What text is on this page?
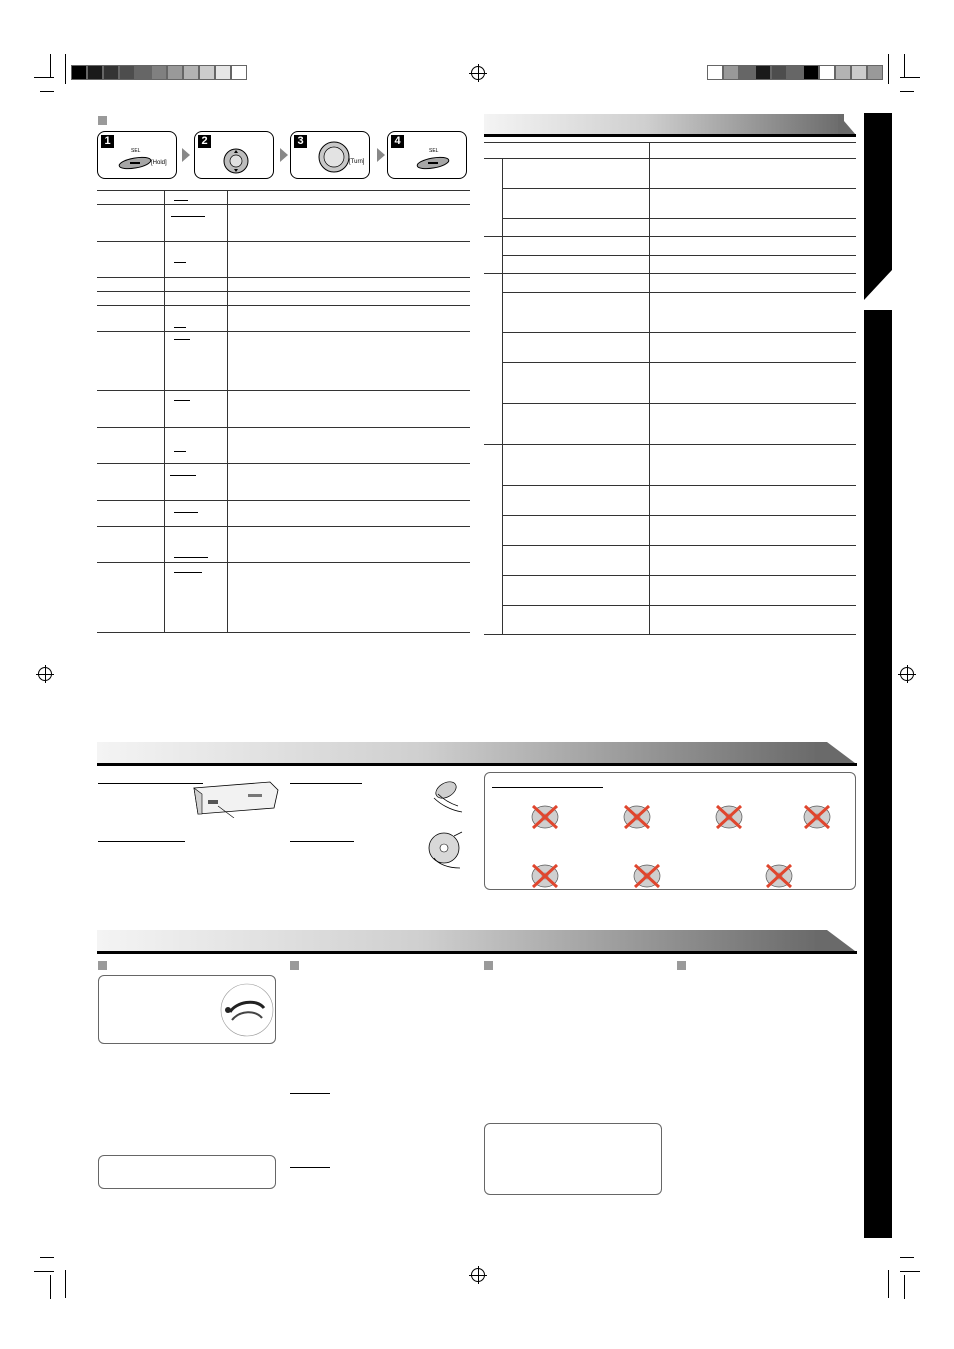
1
SEL
[Hold]
2	3
[Turn]
4
SEL
